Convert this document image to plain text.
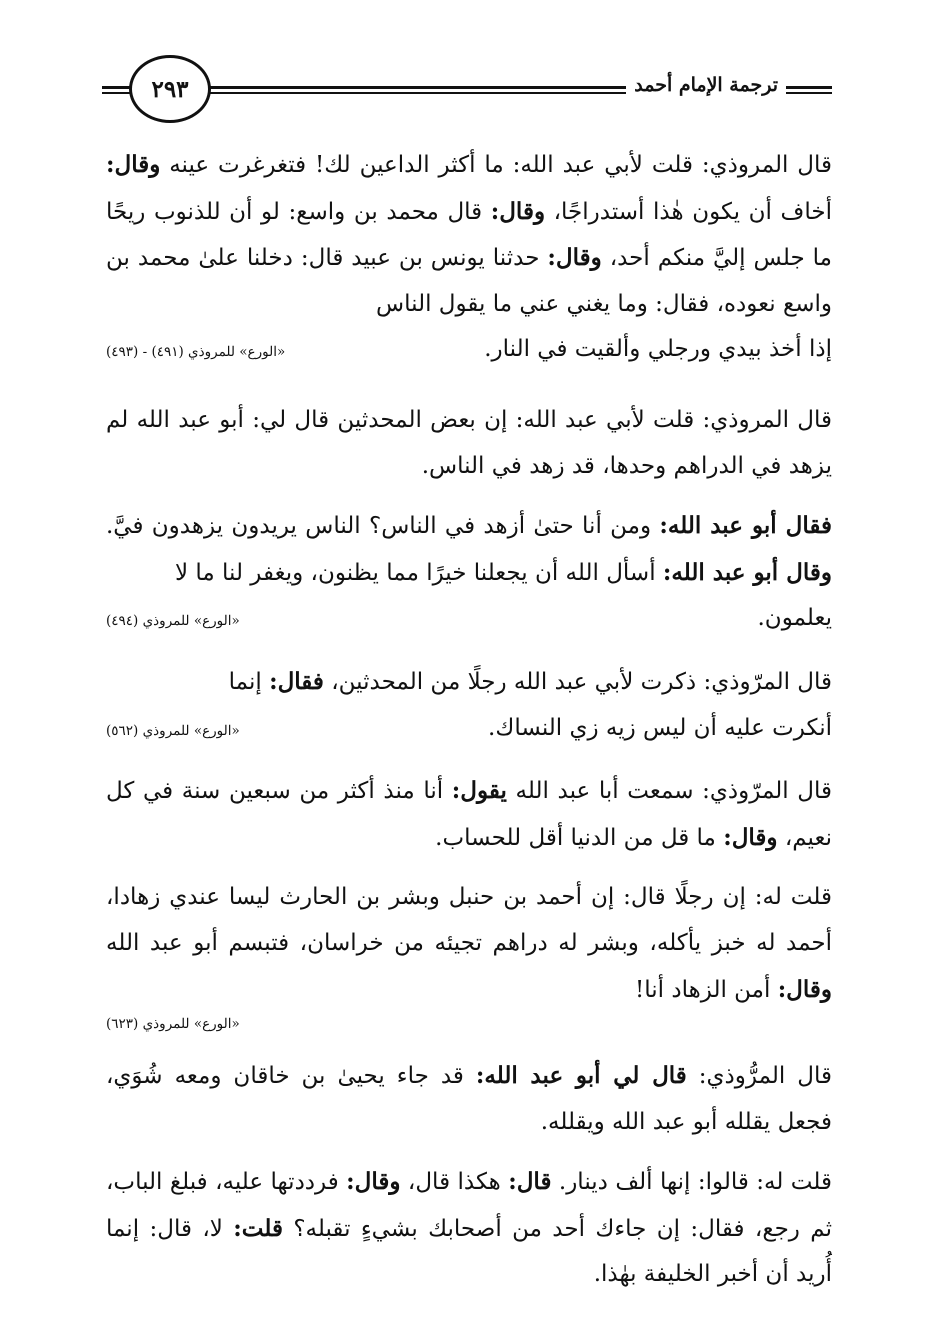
٢٩٣	ترجمة الإمام أحمد

قال المروذي: قلت لأبي عبد الله: ما أكثر الداعين لك! فتغرغرت عينه وقال: أخاف أن يكون هٰذا أستدراجًا، وقال: قال محمد بن واسع: لو أن للذنوب ريحًا ما جلس إليَّ منكم أحد، وقال: حدثنا يونس بن عبيد قال: دخلنا علىٰ محمد بن واسع نعوده، فقال: وما يغني عني ما يقول الناس

إذا أخذ بيدي ورجلي وألقيت في النار.
«الورع» للمروذي (٤٩١) - (٤٩٣)

قال المروذي: قلت لأبي عبد الله: إن بعض المحدثين قال لي: أبو عبد الله لم يزهد في الدراهم وحدها، قد زهد في الناس.

فقال أبو عبد الله: ومن أنا حتىٰ أزهد في الناس؟ الناس يريدون يزهدون فيَّ. وقال أبو عبد الله: أسأل الله أن يجعلنا خيرًا مما يظنون، ويغفر لنا ما لا

يعلمون.
«الورع» للمروذي (٤٩٤)

قال المرّوذي: ذكرت لأبي عبد الله رجلًا من المحدثين، فقال: إنما

أنكرت عليه أن ليس زيه زي النساك.
«الورع» للمروذي (٥٦٢)

قال المرّوذي: سمعت أبا عبد الله يقول: أنا منذ أكثر من سبعين سنة في كل نعيم، وقال: ما قل من الدنيا أقل للحساب.

قلت له: إن رجلًا قال: إن أحمد بن حنبل وبشر بن الحارث ليسا عندي زهادا، أحمد له خبز يأكله، وبشر له دراهم تجيئه من خراسان، فتبسم أبو عبد الله وقال: أمن الزهاد أنا!

«الورع» للمروذي (٦٢٣)

قال المرُّوذي: قال لي أبو عبد الله: قد جاء يحيىٰ بن خاقان ومعه شُوَي، فجعل يقلله أبو عبد الله ويقلله.

قلت له: قالوا: إنها ألف دينار. قال: هكذا قال، وقال: فرددتها عليه، فبلغ الباب، ثم رجع، فقال: إن جاءك أحد من أصحابك بشيءٍ تقبله؟ قلت: لا، قال: إنما أُريد أن أخبر الخليفة بهٰذا.
